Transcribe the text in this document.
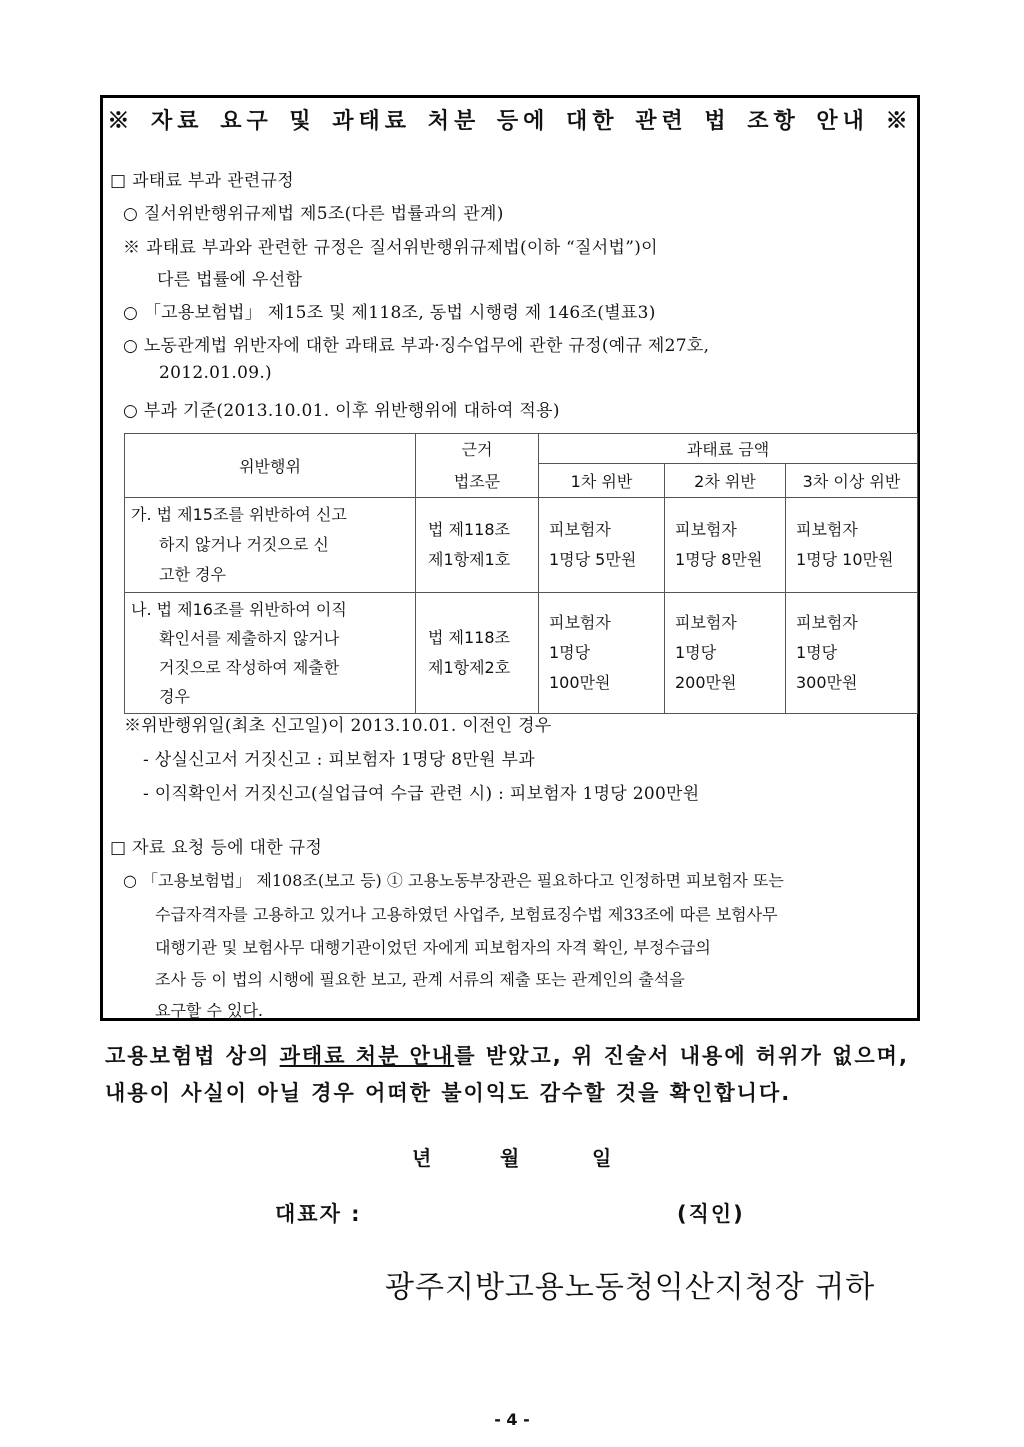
※ 자료 요구 및 과태료 처분 등에 대한 관련 법 조항 안내 ※
□ 과태료 부과 관련규정
○ 질서위반행위규제법 제5조(다른 법률과의 관계)
※ 과태료 부과와 관련한 규정은 질서위반행위규제법(이하 “질서법”)이
다른 법률에 우선함
○ 「고용보험법」 제15조 및 제118조, 동법 시행령 제 146조(별표3)
○ 노동관계법 위반자에 대한 과태료 부과·징수업무에 관한 규정(예규 제27호,
2012.01.09.)
○ 부과 기준(2013.10.01. 이후 위반행위에 대하여 적용)
위반행위	근거	과태료 금액		
	법조문	1차 위반	2차 위반	3차 이상 위반

가. 법 제15조를 위반하여 신고
하지 않거나 거짓으로 신
고한 경우	법 제118조
제1항제1호	피보험자
1명당 5만원	피보험자
1명당 8만원	피보험자
1명당 10만원

나. 법 제16조를 위반하여 이직
확인서를 제출하지 않거나
거짓으로 작성하여 제출한
경우	법 제118조
제1항제2호	피보험자
1명당
100만원	피보험자
1명당
200만원	피보험자
1명당
300만원
※위반행위일(최초 신고일)이 2013.10.01. 이전인 경우
- 상실신고서 거짓신고 : 피보험자 1명당 8만원 부과
- 이직확인서 거짓신고(실업급여 수급 관련 시) : 피보험자 1명당 200만원
□ 자료 요청 등에 대한 규정
○ 「고용보험법」 제108조(보고 등) ① 고용노동부장관은 필요하다고 인정하면 피보험자 또는
수급자격자를 고용하고 있거나 고용하였던 사업주, 보험료징수법 제33조에 따른 보험사무
대행기관 및 보험사무 대행기관이었던 자에게 피보험자의 자격 확인, 부정수급의
조사 등 이 법의 시행에 필요한 보고, 관계 서류의 제출 또는 관계인의 출석을
요구할 수 있다.
고용보험법 상의 과태료 처분 안내를 받았고, 위 진술서 내용에 허위가 없으며,
내용이 사실이 아닐 경우 어떠한 불이익도 감수할 것을 확인합니다.
년	월	일
대표자 :	(직인)
광주지방고용노동청익산지청장 귀하
- 4 -
